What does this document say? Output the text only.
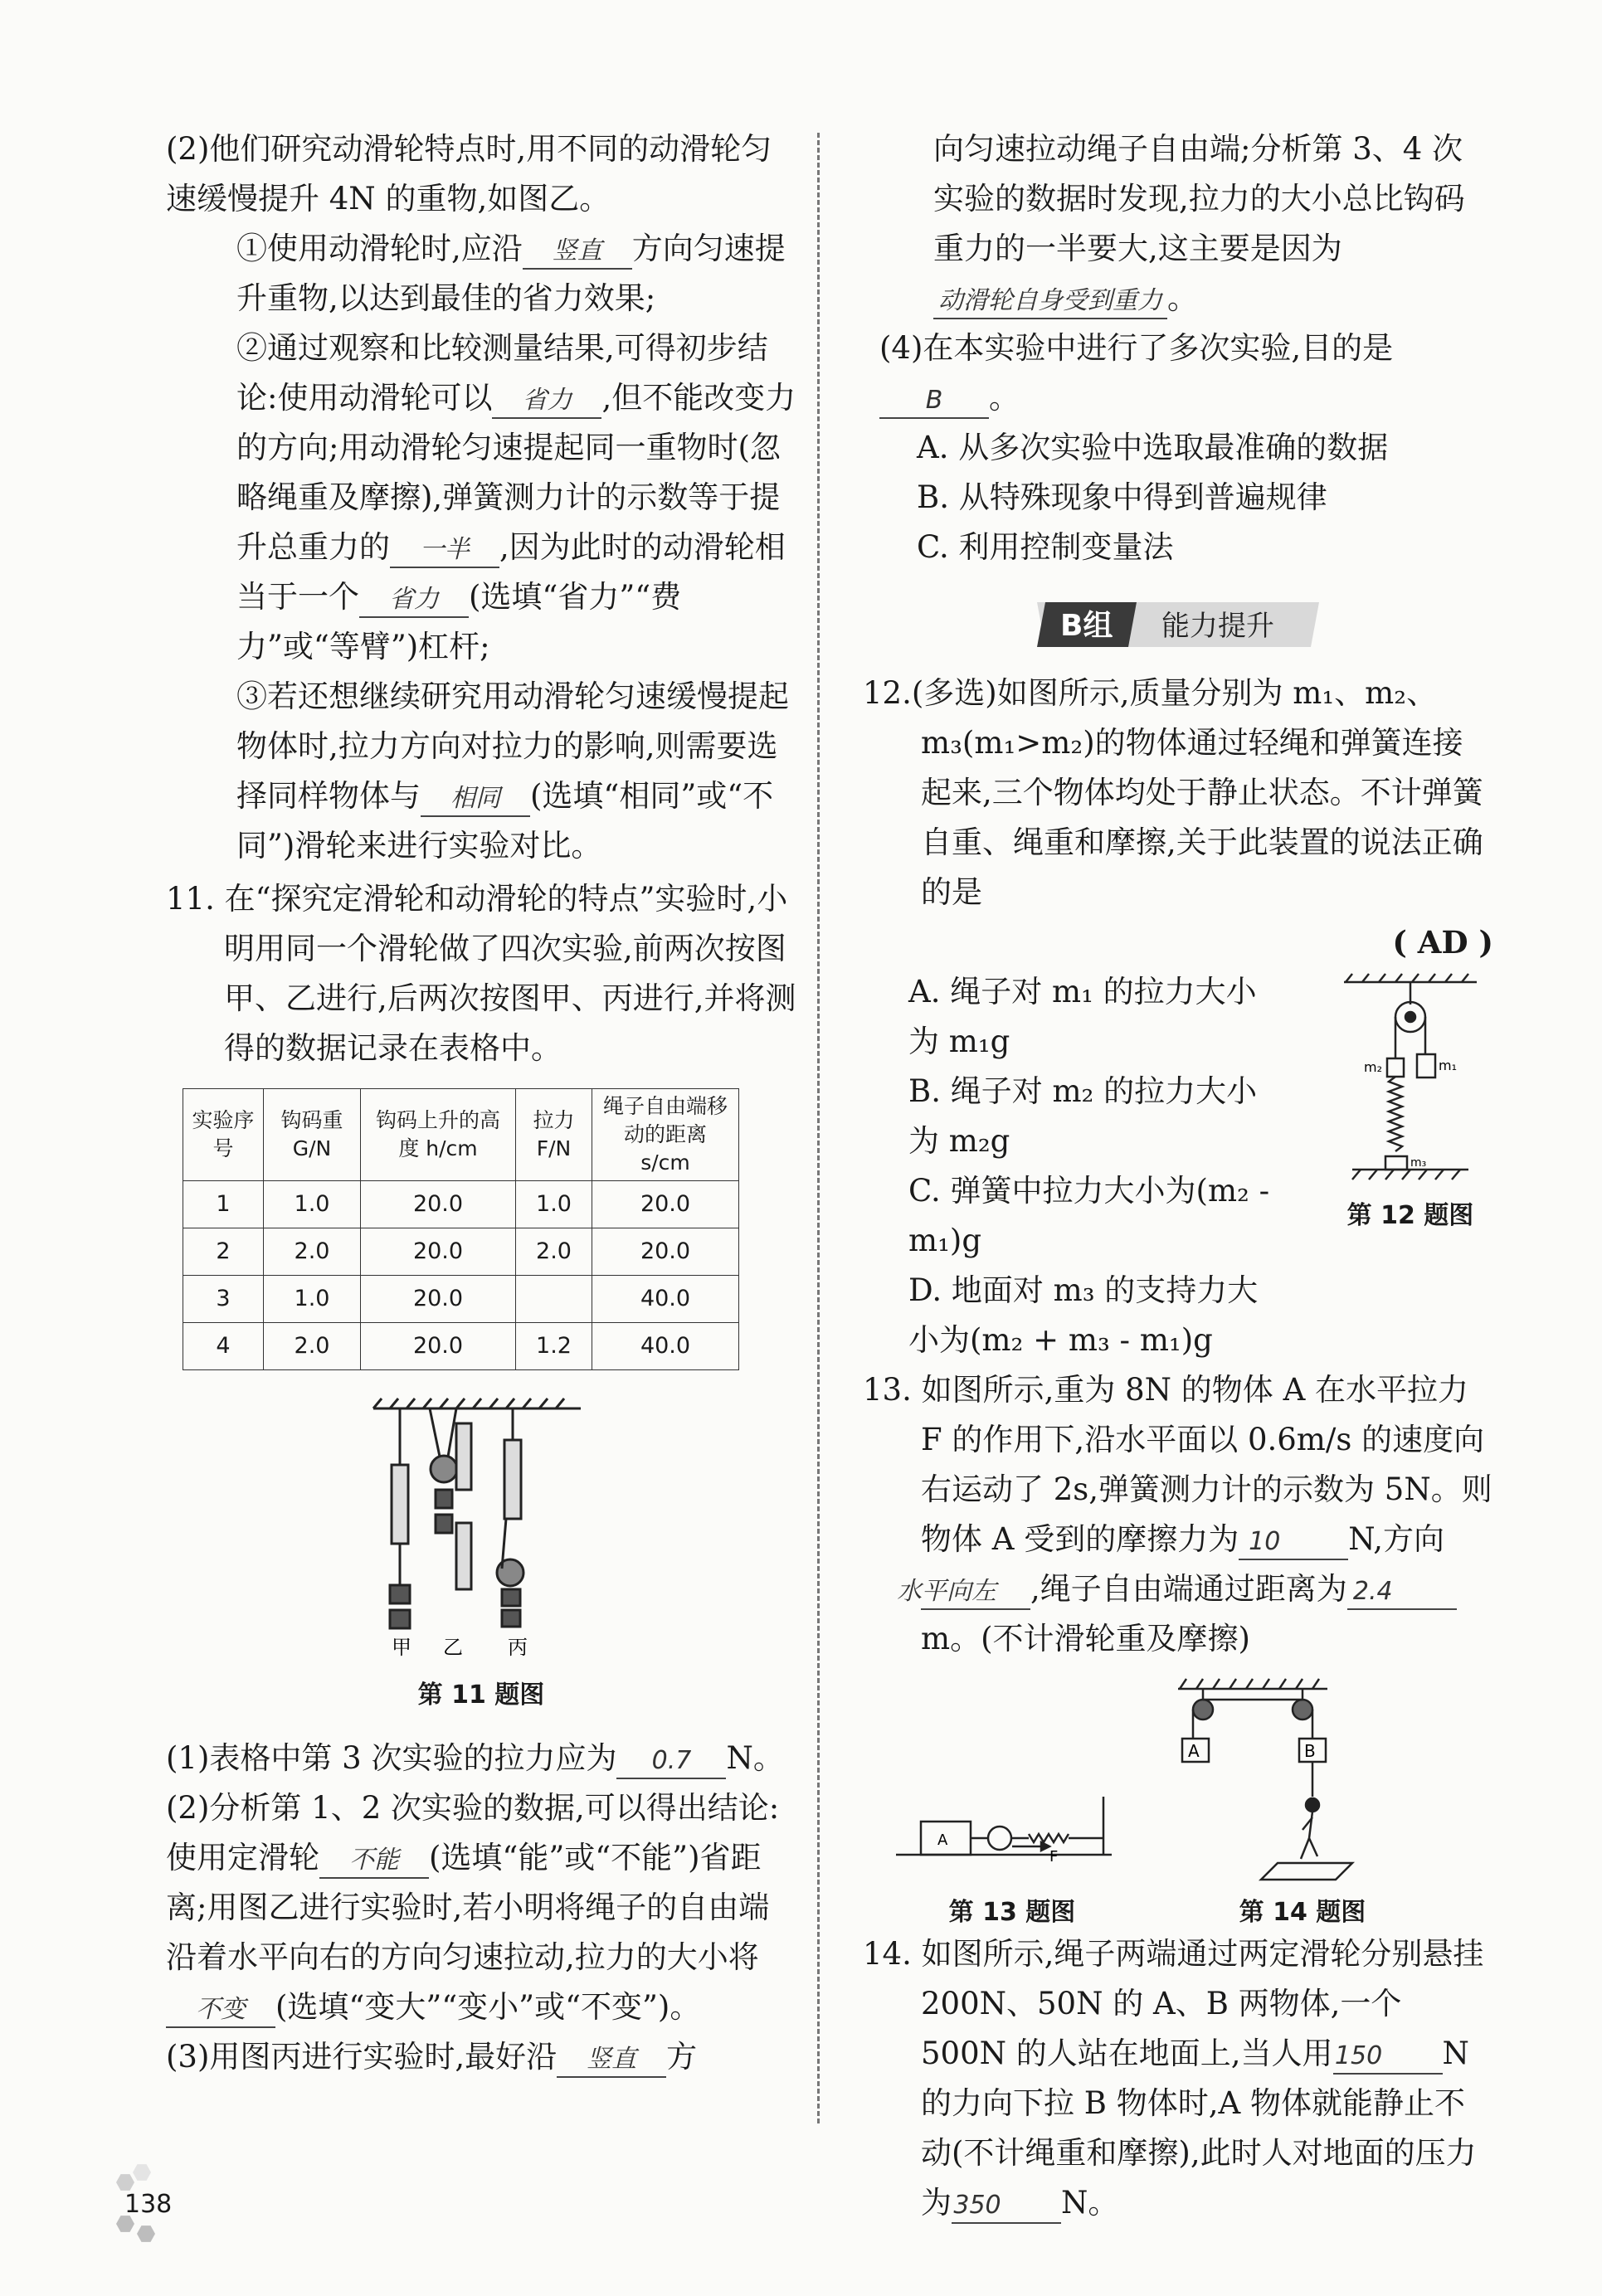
(2)他们研究动滑轮特点时,用不同的动滑轮匀速缓慢提升 4N 的重物,如图乙。

①使用动滑轮时,应沿 竖直 方向匀速提升重物,以达到最佳的省力效果;
②通过观察和比较测量结果,可得初步结论:使用动滑轮可以 省力 ,但不能改变力的方向;用动滑轮匀速提起同一重物时(忽略绳重及摩擦),弹簧测力计的示数等于提升总重力的 一半 ,因为此时的动滑轮相当于一个 省力 (选填“省力”“费力”或“等臂”)杠杆;
③若还想继续研究用动滑轮匀速缓慢提起物体时,拉力方向对拉力的影响,则需要选择同样物体与 相同 (选填“相同”或“不同”)滑轮来进行实验对比。

11. 在“探究定滑轮和动滑轮的特点”实验时,小明用同一个滑轮做了四次实验,前两次按图甲、乙进行,后两次按图甲、丙进行,并将测得的数据记录在表格中。

实验序号	钩码重 G/N	钩码上升的高度 h/cm	拉力 F/N	绳子自由端移动的距离 s/cm
1	1.0	20.0	1.0	20.0
2	2.0	20.0	2.0	20.0
3	1.0	20.0		40.0
4	2.0	20.0	1.2	40.0
甲 乙 丙
第 11 题图

(1)表格中第 3 次实验的拉力应为 0.7 N。

(2)分析第 1、2 次实验的数据,可以得出结论:使用定滑轮 不能 (选填“能”或“不能”)省距离;用图乙进行实验时,若小明将绳子的自由端沿着水平向右的方向匀速拉动,拉力的大小将不变 (选填“变大”“变小”或“不变”)。

(3)用图丙进行实验时,最好沿 竖直 方

向匀速拉动绳子自由端;分析第 3、4 次实验的数据时发现,拉力的大小总比钩码重力的一半要大,这主要是因为动滑轮自身受到重力 。

(4)在本实验中进行了多次实验,目的是B 。

A. 从多次实验中选取最准确的数据

B. 从特殊现象中得到普遍规律

C. 利用控制变量法

B组 能力提升

12.(多选)如图所示,质量分别为 m₁、m₂、m₃(m₁>m₂)的物体通过轻绳和弹簧连接起来,三个物体均处于静止状态。不计弹簧自重、绳重和摩擦,关于此装置的说法正确的是

( AD )

A. 绳子对 m₁ 的拉力大小为 m₁g

B. 绳子对 m₂ 的拉力大小为 m₂g

C. 弹簧中拉力大小为(m₂ - m₁)g

D. 地面对 m₃ 的支持力大小为(m₂ + m₃ - m₁)g

m₂	m₁
m₃
第 12 题图

13. 如图所示,重为 8N 的物体 A 在水平拉力 F 的作用下,沿水平面以 0.6m/s 的速度向右运动了 2s,弹簧测力计的示数为 5N。则物体 A 受到的摩擦力为 10 N,方向水平向左 ,绳子自由端通过距离为 2.4m。(不计滑轮重及摩擦)

A	B
A
F
第 13 题图	第 14 题图

14. 如图所示,绳子两端通过两定滑轮分别悬挂 200N、50N 的 A、B 两物体,一个 500N 的人站在地面上,当人用150 N 的力向下拉 B 物体时,A 物体就能静止不动(不计绳重和摩擦),此时人对地面的压力为350 N。

138
